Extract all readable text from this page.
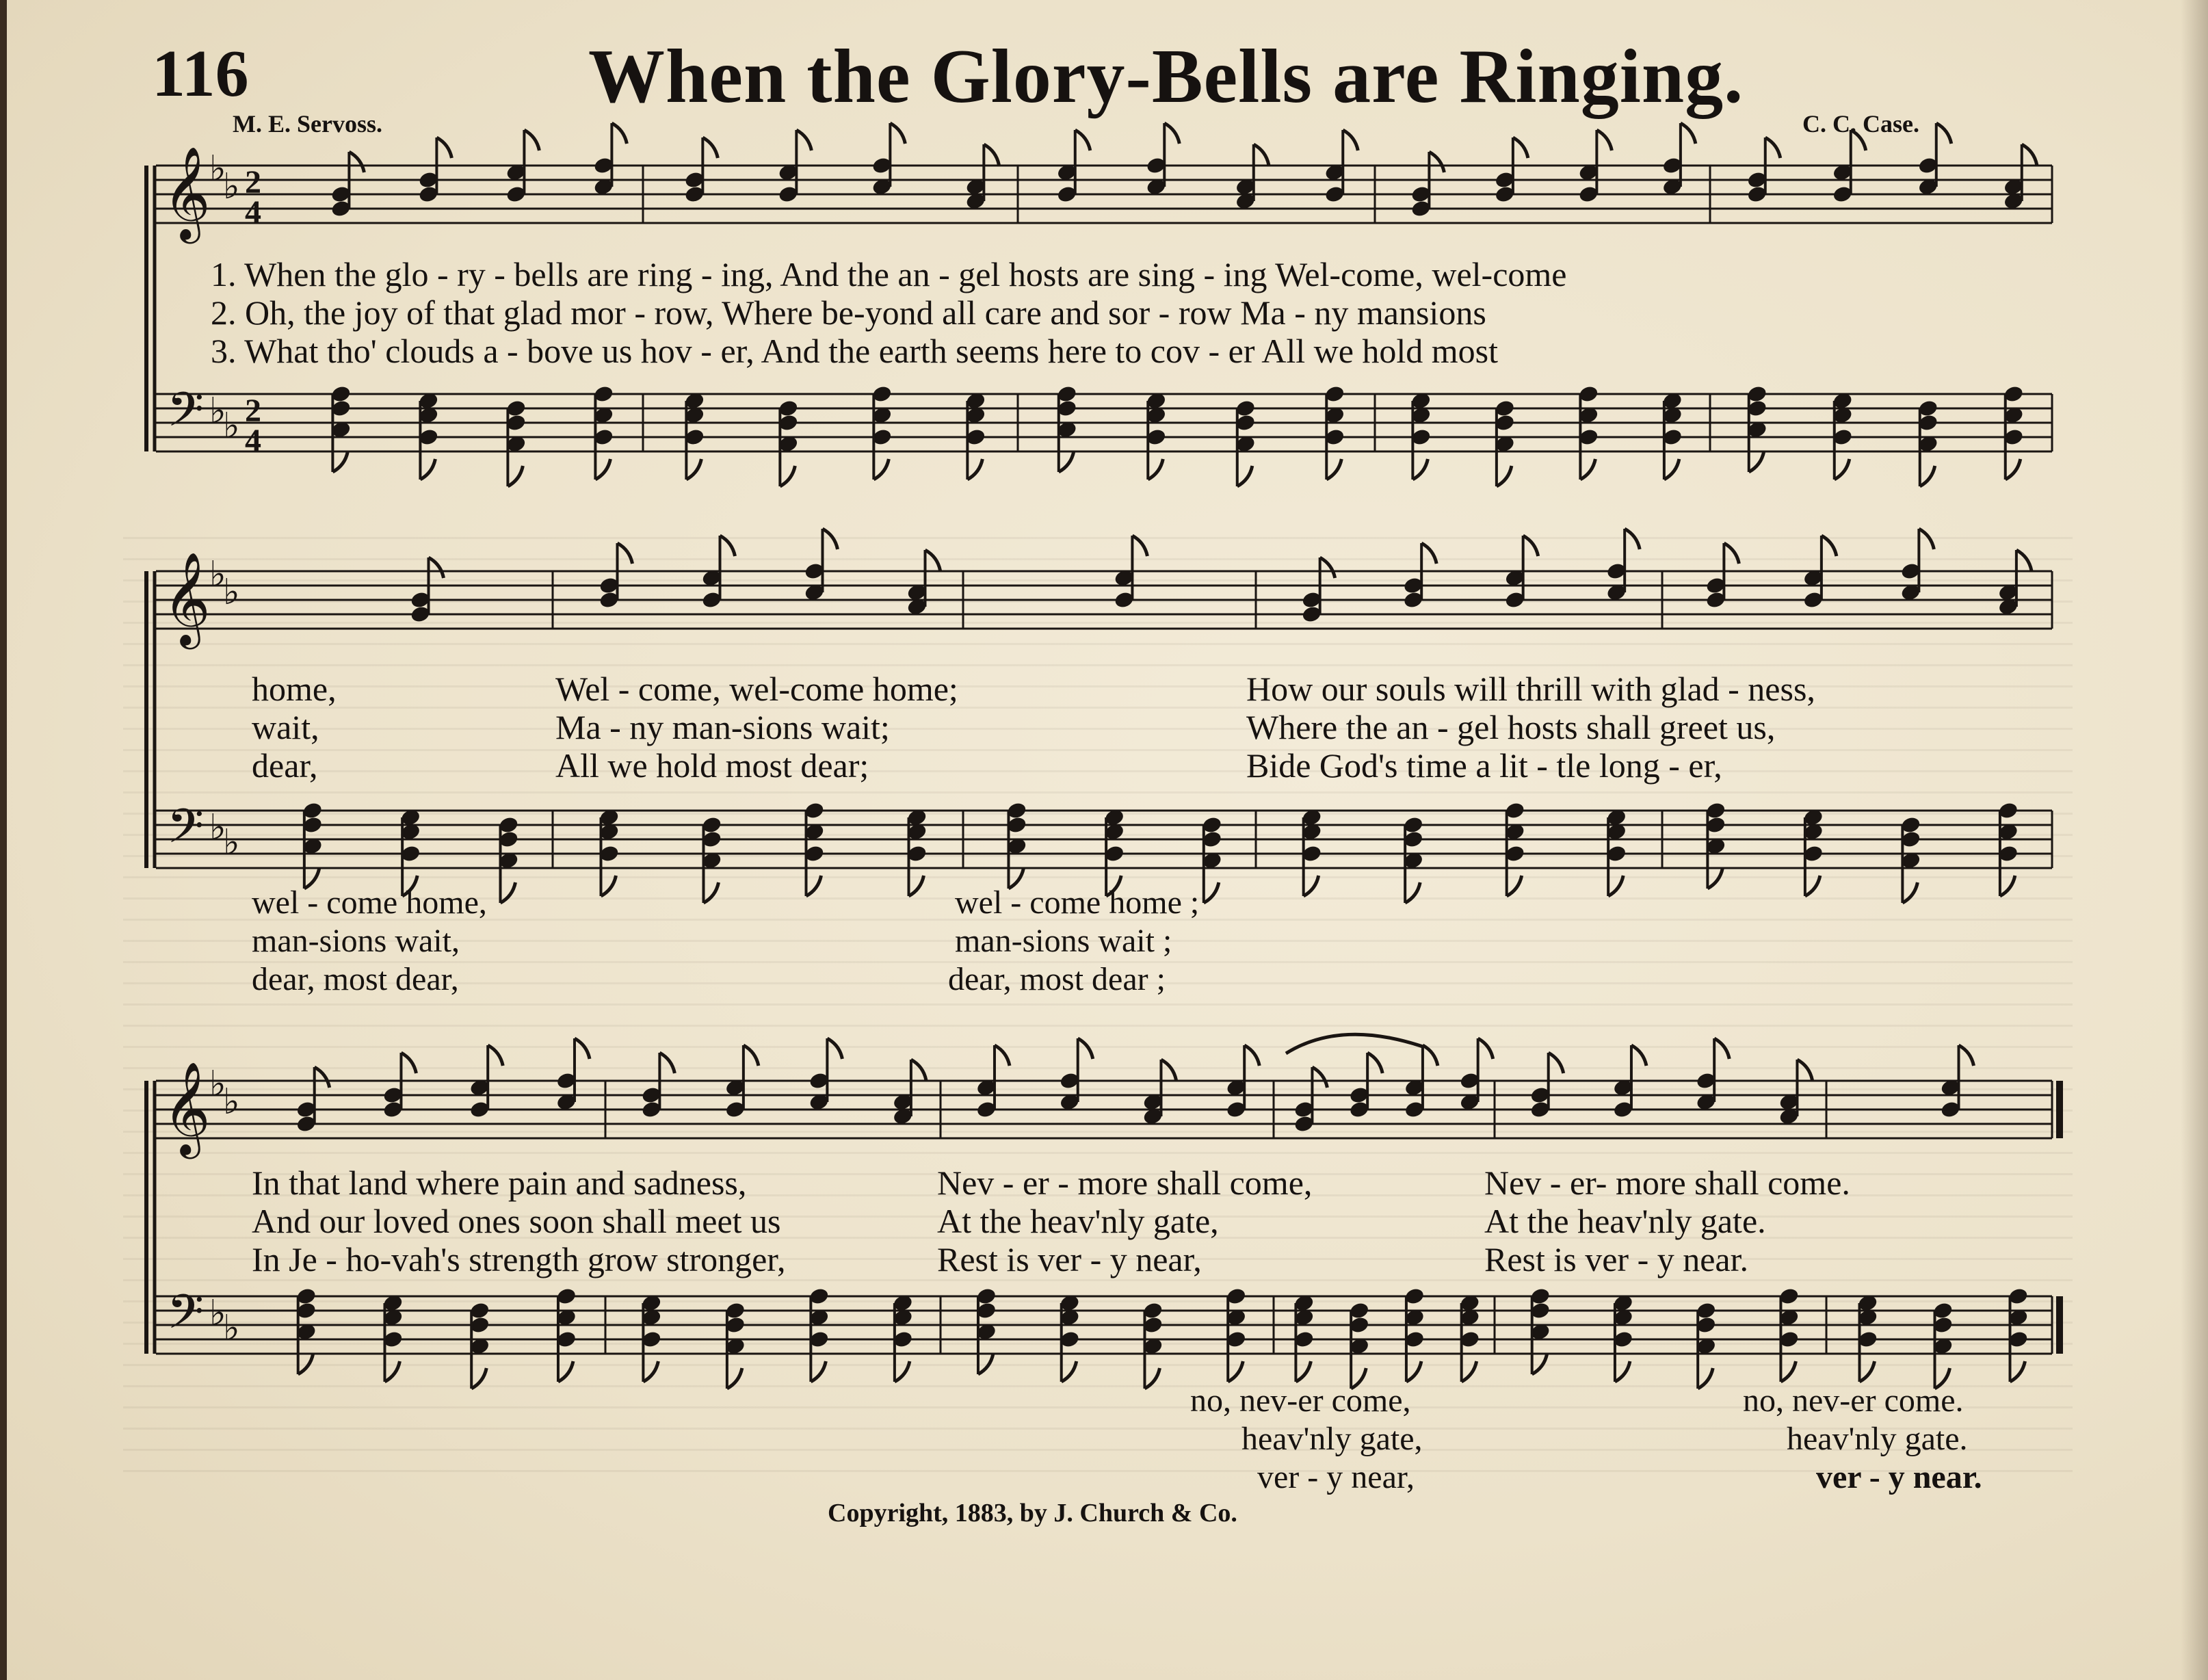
116	When the Glory-Bells are Ringing.
M. E. Servoss.	C. C. Case.
𝄞
𝄢
♭
♭
♭
♭
2
4
2
4
𝄞
𝄢
♭
♭
♭
♭
𝄞
𝄢
♭
♭
♭
♭
1. When the glo - ry - bells are ring - ing, And the an - gel hosts are sing - ing Wel-come, wel-come
2. Oh, the joy of that glad mor - row, Where be-yond all care and sor - row Ma - ny mansions
3. What tho' clouds a - bove us hov - er, And the earth seems here to cov - er All we hold most
home,
wait,
dear,
Wel - come, wel-come home;
Ma - ny man-sions wait;
All we hold most dear;
How our souls will thrill with glad - ness,
Where the an - gel hosts shall greet us,
Bide God's time a lit - tle long - er,
wel - come home,
man-sions wait,
dear, most dear,
wel - come home ;
man-sions wait ;
dear, most dear ;
In that land where pain and sadness,
And our loved ones soon shall meet us
In Je - ho-vah's strength grow stronger,
Nev - er - more shall come,
At the heav'nly gate,
Rest is ver - y near,
Nev - er- more shall come.
At the heav'nly gate.
Rest is ver - y near.
no, nev-er come,
heav'nly gate,
ver - y near,
no, nev-er come.
heav'nly gate.
ver - y near.
Copyright, 1883, by J. Church & Co.
